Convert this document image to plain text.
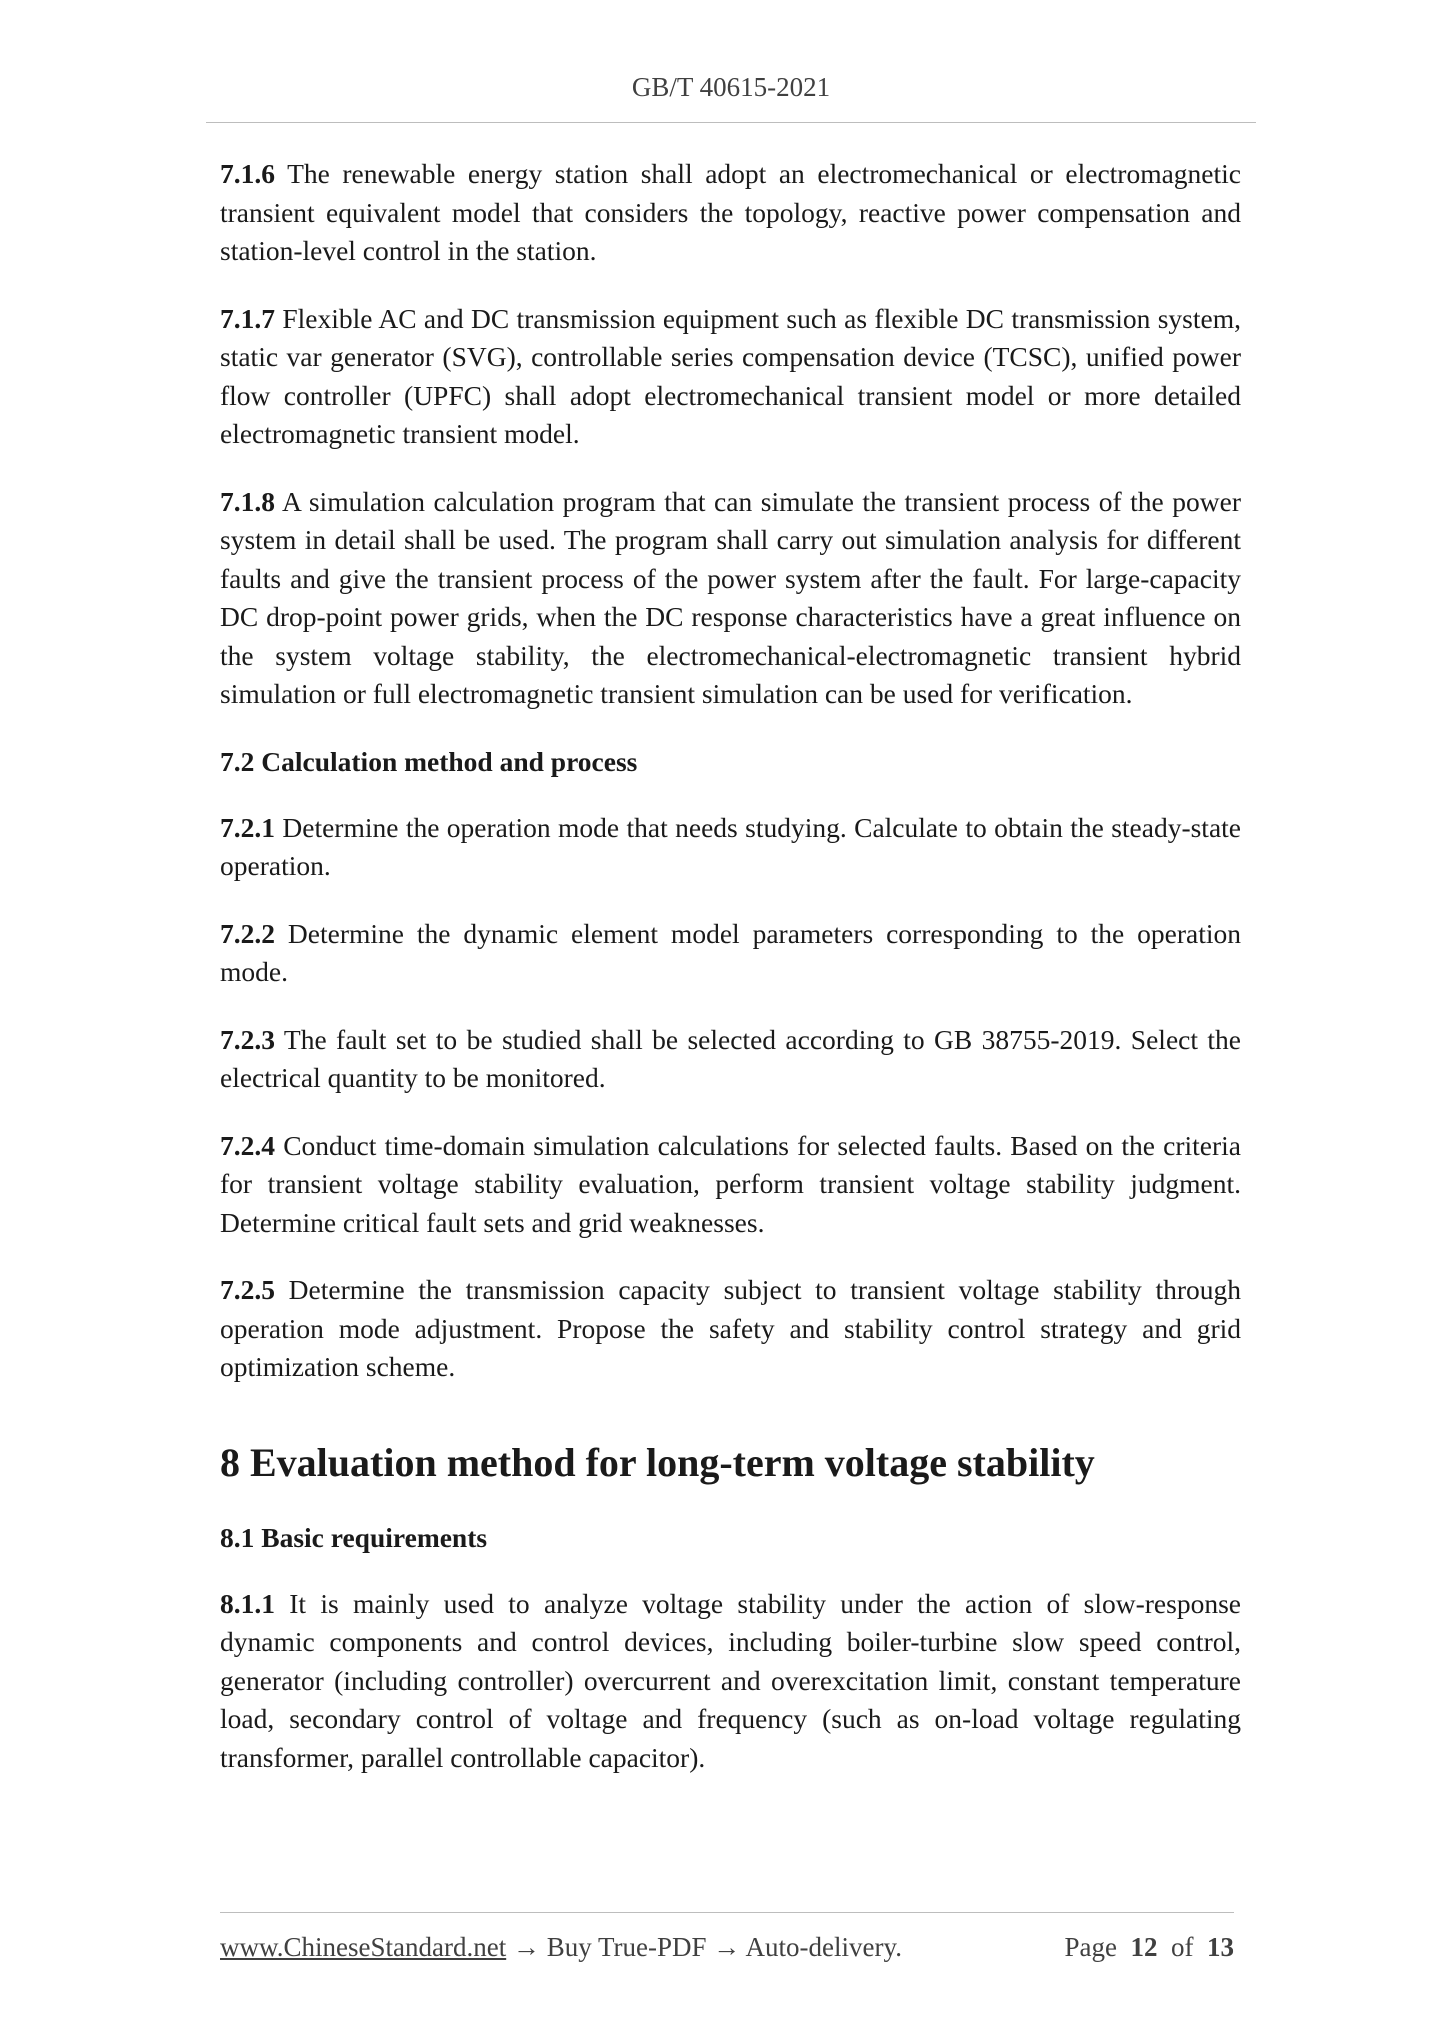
GB/T 40615-2021

7.1.6 The renewable energy station shall adopt an electromechanical or electromagnetic transient equivalent model that considers the topology, reactive power compensation and station-level control in the station.

7.1.7 Flexible AC and DC transmission equipment such as flexible DC transmission system, static var generator (SVG), controllable series compensation device (TCSC), unified power flow controller (UPFC) shall adopt electromechanical transient model or more detailed electromagnetic transient model.

7.1.8 A simulation calculation program that can simulate the transient process of the power system in detail shall be used. The program shall carry out simulation analysis for different faults and give the transient process of the power system after the fault. For large-capacity DC drop-point power grids, when the DC response characteristics have a great influence on the system voltage stability, the electromechanical-electromagnetic transient hybrid simulation or full electromagnetic transient simulation can be used for verification.

7.2 Calculation method and process

7.2.1 Determine the operation mode that needs studying. Calculate to obtain the steady-state operation.

7.2.2 Determine the dynamic element model parameters corresponding to the operation mode.

7.2.3 The fault set to be studied shall be selected according to GB 38755-2019. Select the electrical quantity to be monitored.

7.2.4 Conduct time-domain simulation calculations for selected faults. Based on the criteria for transient voltage stability evaluation, perform transient voltage stability judgment. Determine critical fault sets and grid weaknesses.

7.2.5 Determine the transmission capacity subject to transient voltage stability through operation mode adjustment. Propose the safety and stability control strategy and grid optimization scheme.

8 Evaluation method for long-term voltage stability
8.1 Basic requirements

8.1.1 It is mainly used to analyze voltage stability under the action of slow-response dynamic components and control devices, including boiler-turbine slow speed control, generator (including controller) overcurrent and overexcitation limit, constant temperature load, secondary control of voltage and frequency (such as on-load voltage regulating transformer, parallel controllable capacitor).

www.ChineseStandard.net → Buy True-PDF → Auto-delivery.	Page 12 of 13
